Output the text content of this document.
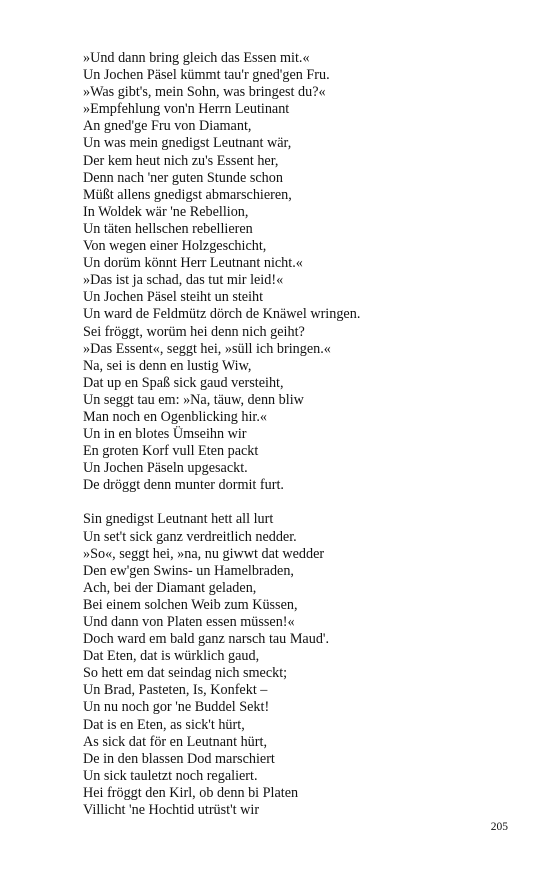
»Und dann bring gleich das Essen mit.«
Un Jochen Päsel kümmt tau'r gned'gen Fru.
»Was gibt's, mein Sohn, was bringest du?«
»Empfehlung von'n Herrn Leutinant
An gned'ge Fru von Diamant,
Un was mein gnedigst Leutnant wär,
Der kem heut nich zu's Essent her,
Denn nach 'ner guten Stunde schon
Müßt allens gnedigst abmarschieren,
In Woldek wär 'ne Rebellion,
Un täten hellschen rebellieren
Von wegen einer Holzgeschicht,
Un dorüm könnt Herr Leutnant nicht.«
»Das ist ja schad, das tut mir leid!«
Un Jochen Päsel steiht un steiht
Un ward de Feldmütz dörch de Knäwel wringen.
Sei fröggt, worüm hei denn nich geiht?
»Das Essent«, seggt hei, »süll ich bringen.«
Na, sei is denn en lustig Wiw,
Dat up en Spaß sick gaud versteiht,
Un seggt tau em: »Na, täuw, denn bliw
Man noch en Ogenblicking hir.«
Un in en blotes Ümseihn wir
En groten Korf vull Eten packt
Un Jochen Päseln upgesackt.
De dröggt denn munter dormit furt.
Sin gnedigst Leutnant hett all lurt
Un set't sick ganz verdreitlich nedder.
»So«, seggt hei, »na, nu giwwt dat wedder
Den ew'gen Swins- un Hamelbraden,
Ach, bei der Diamant geladen,
Bei einem solchen Weib zum Küssen,
Und dann von Platen essen müssen!«
Doch ward em bald ganz narsch tau Maud'.
Dat Eten, dat is würklich gaud,
So hett em dat seindag nich smeckt;
Un Brad, Pasteten, Is, Konfekt –
Un nu noch gor 'ne Buddel Sekt!
Dat is en Eten, as sick't hürt,
As sick dat för en Leutnant hürt,
De in den blassen Dod marschiert
Un sick tauletzt noch regaliert.
Hei fröggt den Kirl, ob denn bi Platen
Villicht 'ne Hochtid utrüst't wir
205
